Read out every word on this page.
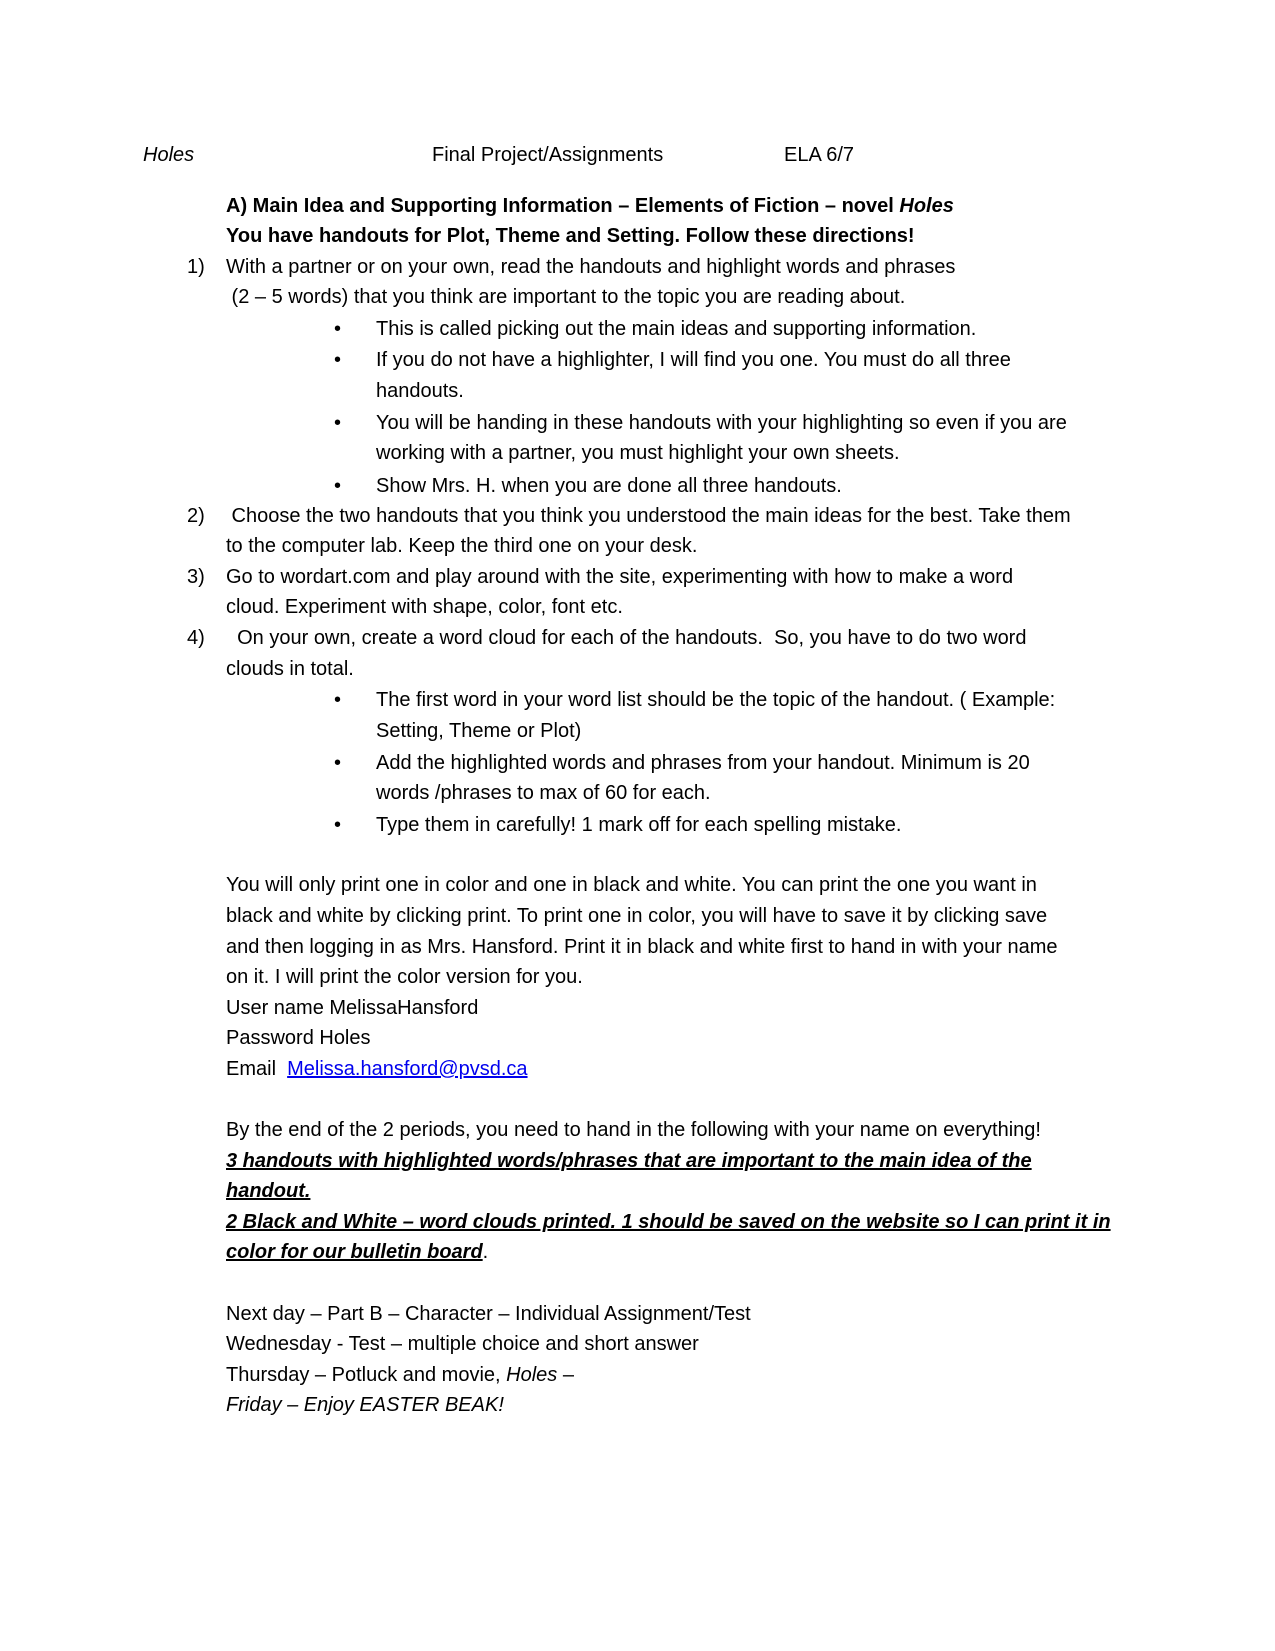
Holes	Final Project/Assignments	ELA 6/7
A) Main Idea and Supporting Information – Elements of Fiction – novel Holes
You have handouts for Plot, Theme and Setting. Follow these directions!
1) With a partner or on your own, read the handouts and highlight words and phrases
(2 – 5 words) that you think are important to the topic you are reading about.
• This is called picking out the main ideas and supporting information.
• If you do not have a highlighter, I will find you one. You must do all three
handouts.
• You will be handing in these handouts with your highlighting so even if you are
working with a partner, you must highlight your own sheets.
• Show Mrs. H. when you are done all three handouts.
2) Choose the two handouts that you think you understood the main ideas for the best. Take them
to the computer lab. Keep the third one on your desk.
3) Go to wordart.com and play around with the site, experimenting with how to make a word
cloud. Experiment with shape, color, font etc.
4) On your own, create a word cloud for each of the handouts.  So, you have to do two word
clouds in total.
• The first word in your word list should be the topic of the handout. ( Example:
Setting, Theme or Plot)
• Add the highlighted words and phrases from your handout. Minimum is 20
words /phrases to max of 60 for each.
• Type them in carefully! 1 mark off for each spelling mistake.
You will only print one in color and one in black and white. You can print the one you want in
black and white by clicking print. To print one in color, you will have to save it by clicking save
and then logging in as Mrs. Hansford. Print it in black and white first to hand in with your name
on it. I will print the color version for you.
User name MelissaHansford
Password Holes
Email  Melissa.hansford@pvsd.ca
By the end of the 2 periods, you need to hand in the following with your name on everything!
3 handouts with highlighted words/phrases that are important to the main idea of the
handout.
2 Black and White – word clouds printed. 1 should be saved on the website so I can print it in
color for our bulletin board.
Next day – Part B – Character – Individual Assignment/Test
Wednesday - Test – multiple choice and short answer
Thursday – Potluck and movie, Holes –
Friday – Enjoy EASTER BEAK!
